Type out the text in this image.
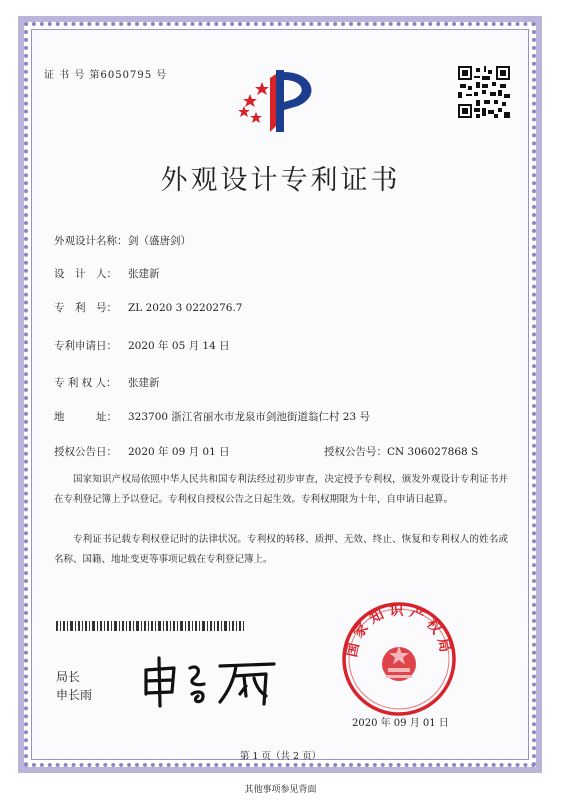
证 书 号 第6050795 号
外观设计专利证书
外观设计名称：剑（盛唐剑）
设　计　人： 张建新
专　利　号： ZL 2020 3 0220276.7
专利申请日： 2020 年 05 月 14 日
专 利 权 人： 张建新
地　　　址： 323700 浙江省丽水市龙泉市剑池街道翁仁村 23 号
授权公告日： 2020 年 09 月 01 日	授权公告号：CN 306027868 S
国家知识产权局依照中华人民共和国专利法经过初步审查，决定授予专利权，颁发外观设计专利证书并在专利登记簿上予以登记。专利权自授权公告之日起生效。专利权期限为十年，自申请日起算。
专利证书记载专利权登记时的法律状况。专利权的转移、质押、无效、终止、恢复和专利权人的姓名或名称、国籍、地址变更等事项记载在专利登记簿上。
局长
申长雨
国家知识产权局
2020 年 09 月 01 日
第 1 页（共 2 页）
其他事项参见背面
